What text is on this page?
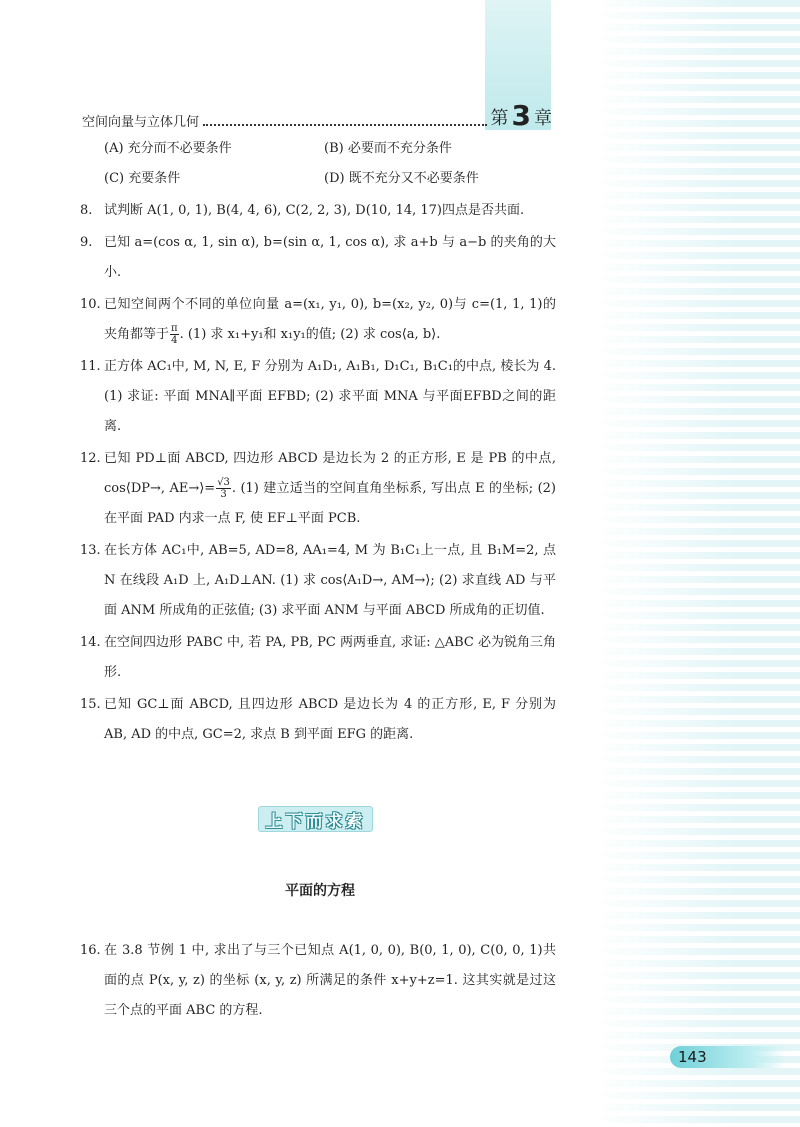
空间向量与立体几何	第 3 章
(A) 充分而不必要条件	(B) 必要而不充分条件
(C) 充要条件	(D) 既不充分又不必要条件
8. 试判断 A(1, 0, 1), B(4, 4, 6), C(2, 2, 3), D(10, 14, 17)四点是否共面.
9. 已知 a=(cos α, 1, sin α), b=(sin α, 1, cos α), 求 a+b 与 a−b 的夹角的大小.
10. 已知空间两个不同的单位向量 a=(x₁, y₁, 0), b=(x₂, y₂, 0)与 c=(1, 1, 1)的夹角都等于 $\frac{\pi}{4}$ . (1) 求 x₁+y₁和 x₁y₁的值; (2) 求 cos⟨a, b⟩.
11. 正方体 AC₁中, M, N, E, F 分别为 A₁D₁, A₁B₁, D₁C₁, B₁C₁的中点, 棱长为 4. (1) 求证: 平面 MNA∥平面 EFBD; (2) 求平面 MNA 与平面EFBD之间的距离.
12. 已知 PD⊥面 ABCD, 四边形 ABCD 是边长为 2 的正方形, E 是 PB 的中点, cos⟨DP→, AE→⟩= $\frac{√3}{3}$ . (1) 建立适当的空间直角坐标系, 写出点 E 的坐标; (2) 在平面 PAD 内求一点 F, 使 EF⊥平面 PCB.
13. 在长方体 AC₁中, AB=5, AD=8, AA₁=4, M 为 B₁C₁上一点, 且 B₁M=2, 点 N 在线段 A₁D 上, A₁D⊥AN. (1) 求 cos⟨A₁D→, AM→⟩; (2) 求直线 AD 与平面 ANM 所成角的正弦值; (3) 求平面 ANM 与平面 ABCD 所成角的正切值.
14. 在空间四边形 PABC 中, 若 PA, PB, PC 两两垂直, 求证: △ABC 必为锐角三角形.
15. 已知 GC⊥面 ABCD, 且四边形 ABCD 是边长为 4 的正方形, E, F 分别为 AB, AD 的中点, GC=2, 求点 B 到平面 EFG 的距离.
上下而求索
平面的方程
16. 在 3.8 节例 1 中, 求出了与三个已知点 A(1, 0, 0), B(0, 1, 0), C(0, 0, 1)共面的点 P(x, y, z) 的坐标 (x, y, z) 所满足的条件 x+y+z=1. 这其实就是过这三个点的平面 ABC 的方程.
143
